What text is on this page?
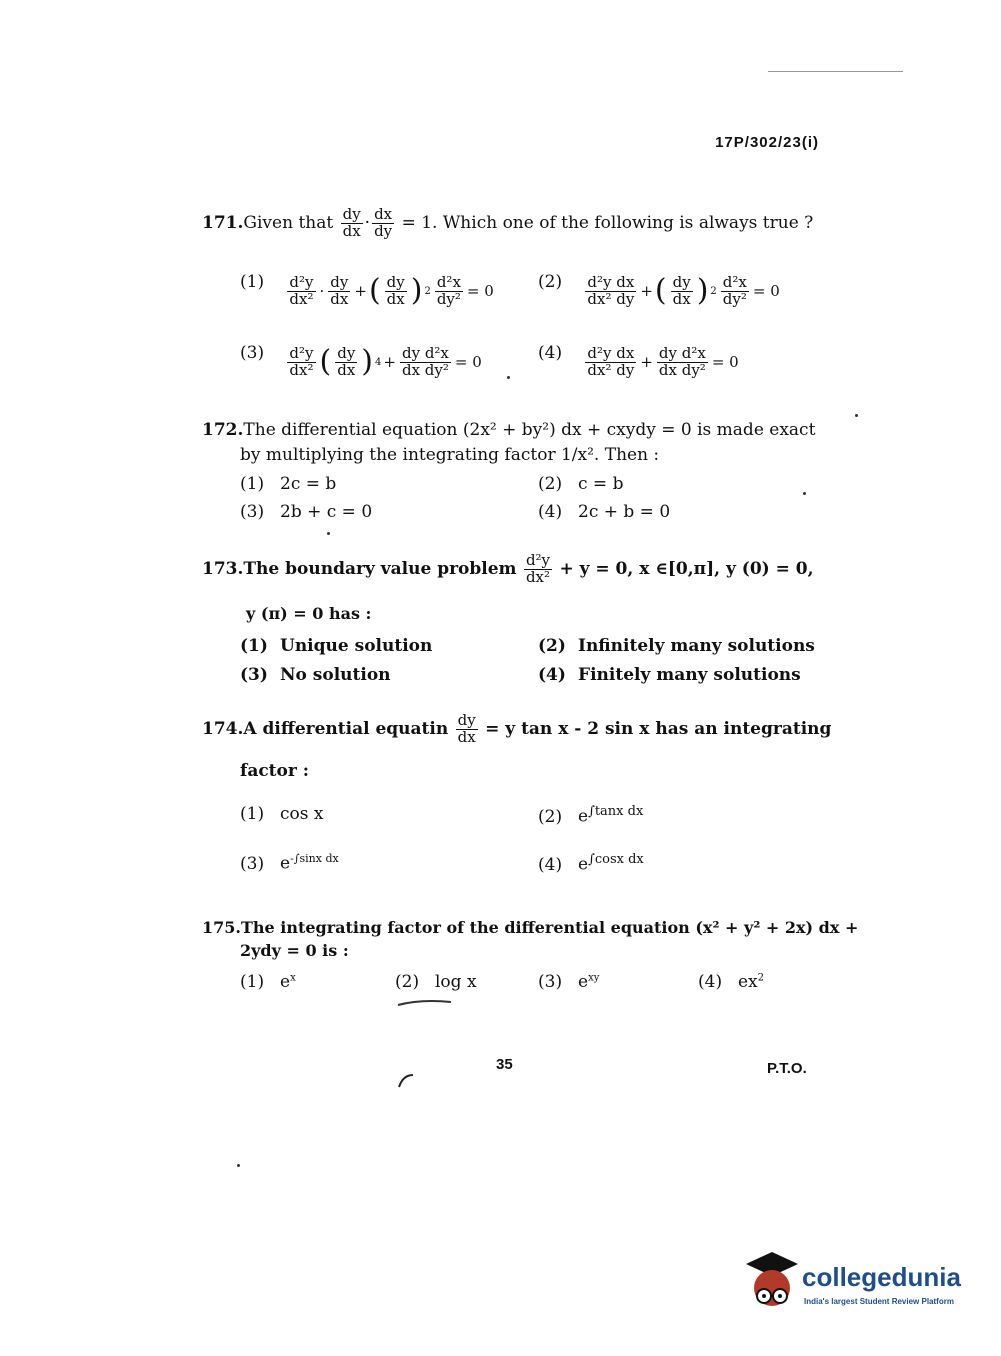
17P/302/23(i)
171.Given that $\frac{dy}{dx} \cdot \frac{dx}{dy} = 1$. Which one of the following is always true ?
$(1) \frac{\text{d²y}}{\text{dx²}} \cdot \frac{dy}{dx}$ + ( $\frac{dy}{dx}$ ) $2 \frac{\text{d²x}}{\text{dy²}} = 0$	$(2) \frac{\text{d²y dx}}{\text{dx² dy}}$ + ( $\frac{dy}{dx}$ ) $2 \frac{\text{d²x}}{\text{dy²}} = 0$
$(3) \frac{\text{d²y}}{\text{dx²}}$ ( $\frac{dy}{dx}$ ) $4 + \frac{\text{dy d²x}}{\text{dx dy²}} = 0$	$(4) \frac{\text{d²y dx}}{\text{dx² dy}} + \frac{\text{dy d²x}}{\text{dx dy²}} = 0$
172.The differential equation (2x² + by²) dx + cxydy = 0 is made exact
by multiplying the integrating factor 1/x². Then :
(1) 2c = b	(2) c = b
(3) 2b + c = 0	(4) 2c + b = 0
173.The boundary value problem $\frac{\text{d²y}}{\text{dx²}} + y = 0$, x ∈[0,π], y (0) = 0,
y (π) = 0 has :
(1) Unique solution	(2) Infinitely many solutions
(3) No solution	(4) Finitely many solutions
174.A differential equatin $\frac{dy}{dx} = y$ tan x - 2 sin x has an integrating
factor :
(1) cos x	(2) $e^{\int tanx dx}$
(3) $e^{-\int sinx dx}$	(4) $e^{\int cosx dx}$
175.The integrating factor of the differential equation (x² + y² + 2x) dx +
2ydy = 0 is :
(1) $e^x$	(2) log x	(3) $e^{xy}$	(4) $ex^2$
35	P.T.O.
collegedunia
India's largest Student Review Platform
